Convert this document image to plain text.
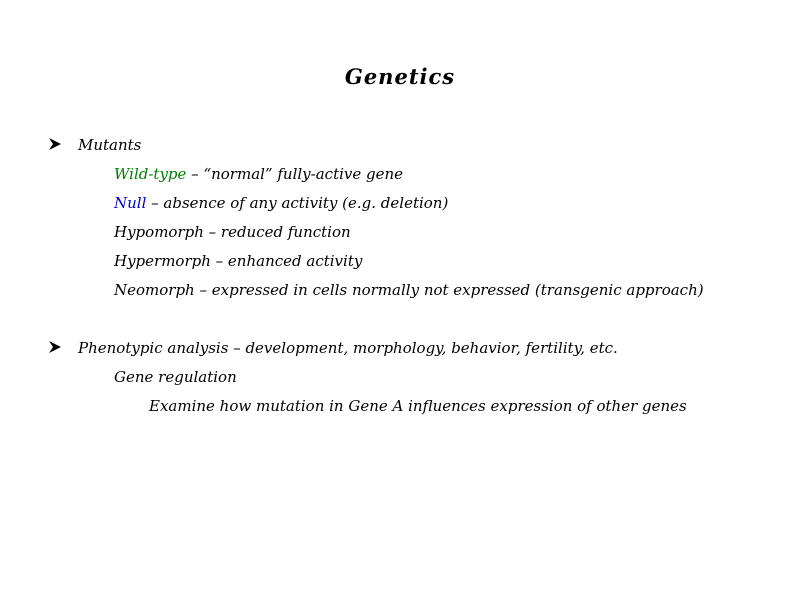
Genetics
Mutants
Wild-type – “normal” fully-active gene
Null – absence of any activity (e.g. deletion)
Hypomorph – reduced function
Hypermorph – enhanced activity
Neomorph – expressed in cells normally not expressed (transgenic approach)
Phenotypic analysis – development, morphology, behavior, fertility, etc.
Gene regulation
Examine how mutation in Gene A influences expression of other genes
